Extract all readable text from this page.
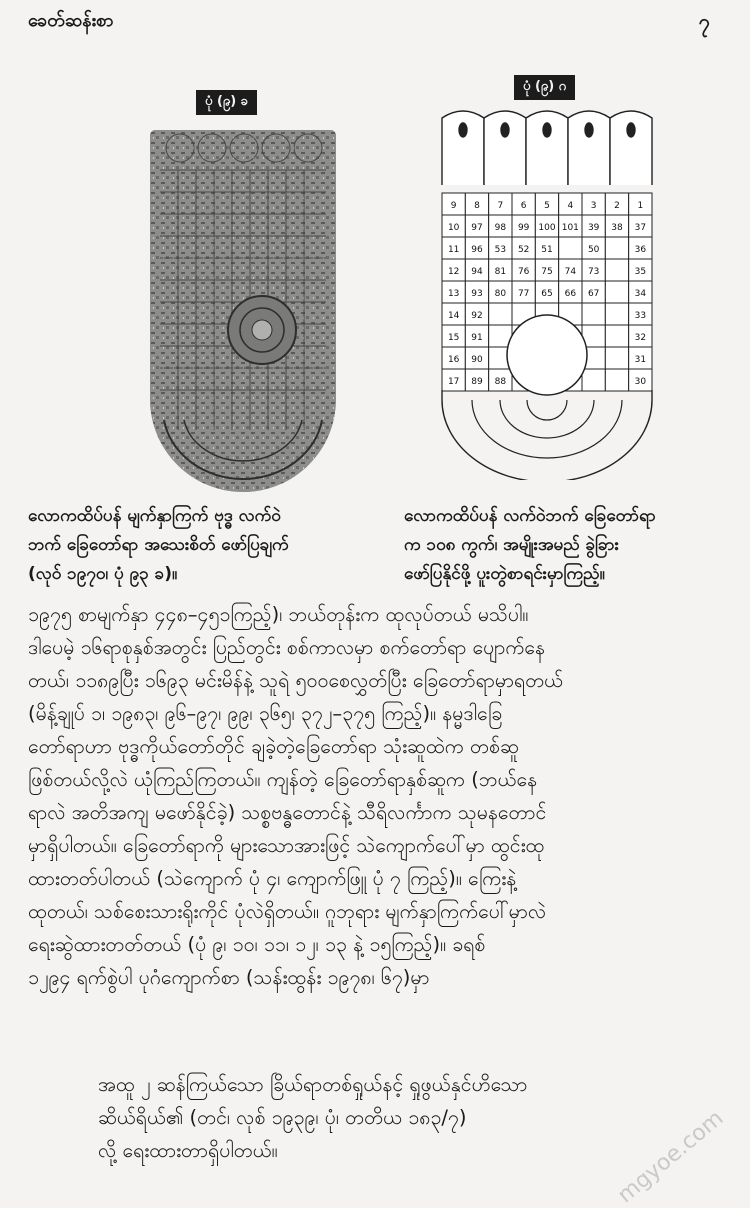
ခေတ်ဆန်းစာ	၇
ပုံ (၉) ခ
ပုံ (၉) ဂ
9 8 7 6 5 4 3 2 1
10 97 98 99 100 101 39 38 37
11 96 53 52 51	50	36
12 94 81 76 75 74 73	35
13 93 80 77 65 66 67	34
14 92	33
15 91	32
16 90	31
17 89 88	30
လောကထိပ်ပန် မျက်နှာကြက် ဗုဒ္ဓ လက်ဝဲ
ဘက် ခြေတော်ရာ အသေးစိတ် ဖော်ပြချက်
(လုဝ် ၁၉၇၀၊ ပုံ ၉၃ ခ)။
လောကထိပ်ပန် လက်ဝဲဘက် ခြေတော်ရာ
က ၁၀၈ ကွက်၊ အမျိုးအမည် ခွဲခြား
ဖော်ပြနိုင်ဖို့ ပူးတွဲစာရင်းမှာကြည့်။
၁၉၇၅ စာမျက်နှာ ၄၄၈–၄၅၁ကြည့်)၊ ဘယ်တုန်းက ထုလုပ်တယ် မသိပါ။
ဒါပေမဲ့ ၁၆ရာစုနှစ်အတွင်း ပြည်တွင်း စစ်ကာလမှာ စက်တော်ရာ ပျောက်နေ
တယ်၊ ၁၁၈၉ပြီး ၁၆၉၃ မင်းမိန်နဲ့ သူရဲ ၅၀၀စေလွှတ်ပြီး ခြေတော်ရာမှာရတယ်
(မိန့်ချုပ် ၁၊ ၁၉၈၃၊ ၉၆–၉၇၊ ၉၉၊ ၃၆၅၊ ၃၇၂–၃၇၅ ကြည့်)။ နမ္မဒါခြေ
တော်ရာဟာ ဗုဒ္ဓကိုယ်တော်တိုင် ချခဲ့တဲ့ခြေတော်ရာ သုံးဆူထဲက တစ်ဆူ
ဖြစ်တယ်လို့လဲ ယုံကြည်ကြတယ်။ ကျန်တဲ့ ခြေတော်ရာနှစ်ဆူက (ဘယ်နေ
ရာလဲ အတိအကျ မဖော်နိုင်ခဲ့) သစ္စဗန္ဓတောင်နဲ့ သီရိလင်္ကာက သုမနတောင်
မှာရှိပါတယ်။ ခြေတော်ရာကို များသောအားဖြင့် သဲကျောက်ပေါ်မှာ ထွင်းထု
ထားတတ်ပါတယ် (သဲကျောက် ပုံ ၄၊ ကျောက်ဖြူ ပုံ ၇ ကြည့်)။ ကြေးနဲ့
ထုတယ်၊ သစ်စေးသားရိုးကိုင် ပုံလဲရှိတယ်။ ဂူဘုရား မျက်နှာကြက်ပေါ်မှာလဲ
ရေးဆွဲထားတတ်တယ် (ပုံ ၉၊ ၁၀၊ ၁၁၊ ၁၂၊ ၁၃ နဲ့ ၁၅ကြည့်)။ ခရစ်
၁၂၉၄ ရက်စွဲပါ ပုဂံကျောက်စာ (သန်းထွန်း ၁၉၇၈၊ ၆၇)မှာ
အထူ ၂ ဆန်ကြယ်သော ခြိယ်ရာတစ်ရှုယ်နင့် ရှုဖွယ်နှင်ဟိသော
ဆိယ်ရိယ်၏ (တင်၊ လုစ် ၁၉၃၉၊ ပုံ၊ တတိယ ၁၈၃/၇)
လို့ ရေးထားတာရှိပါတယ်။	mgyoe.com
